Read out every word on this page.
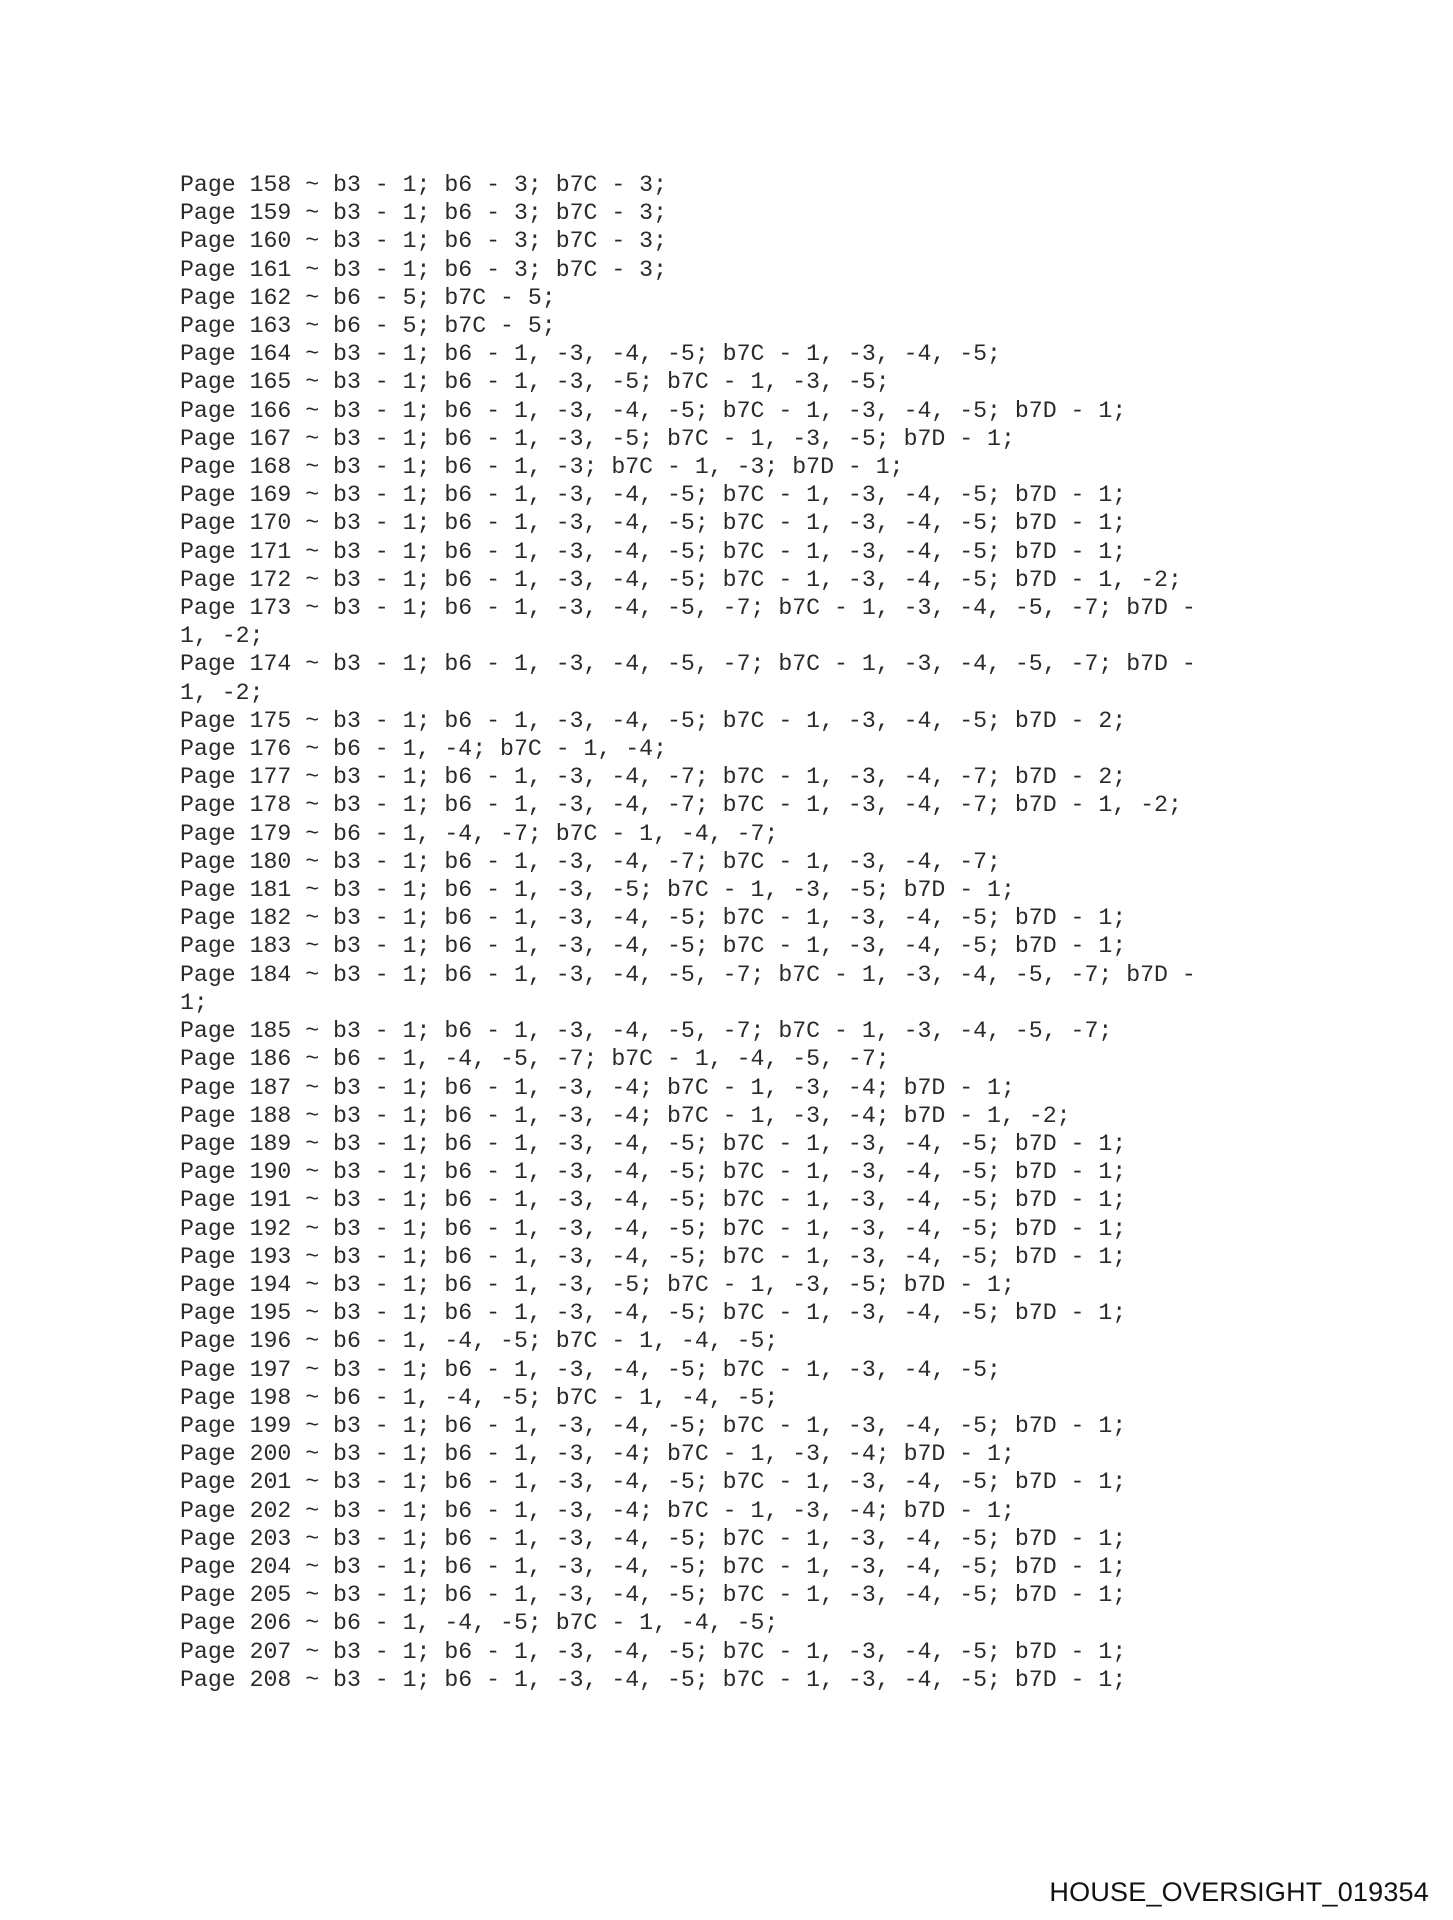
Page 158 ~ b3 - 1; b6 - 3; b7C - 3;
Page 159 ~ b3 - 1; b6 - 3; b7C - 3;
Page 160 ~ b3 - 1; b6 - 3; b7C - 3;
Page 161 ~ b3 - 1; b6 - 3; b7C - 3;
Page 162 ~ b6 - 5; b7C - 5;
Page 163 ~ b6 - 5; b7C - 5;
Page 164 ~ b3 - 1; b6 - 1, -3, -4, -5; b7C - 1, -3, -4, -5;
Page 165 ~ b3 - 1; b6 - 1, -3, -5; b7C - 1, -3, -5;
Page 166 ~ b3 - 1; b6 - 1, -3, -4, -5; b7C - 1, -3, -4, -5; b7D - 1;
Page 167 ~ b3 - 1; b6 - 1, -3, -5; b7C - 1, -3, -5; b7D - 1;
Page 168 ~ b3 - 1; b6 - 1, -3; b7C - 1, -3; b7D - 1;
Page 169 ~ b3 - 1; b6 - 1, -3, -4, -5; b7C - 1, -3, -4, -5; b7D - 1;
Page 170 ~ b3 - 1; b6 - 1, -3, -4, -5; b7C - 1, -3, -4, -5; b7D - 1;
Page 171 ~ b3 - 1; b6 - 1, -3, -4, -5; b7C - 1, -3, -4, -5; b7D - 1;
Page 172 ~ b3 - 1; b6 - 1, -3, -4, -5; b7C - 1, -3, -4, -5; b7D - 1, -2;
Page 173 ~ b3 - 1; b6 - 1, -3, -4, -5, -7; b7C - 1, -3, -4, -5, -7; b7D -
1, -2;
Page 174 ~ b3 - 1; b6 - 1, -3, -4, -5, -7; b7C - 1, -3, -4, -5, -7; b7D -
1, -2;
Page 175 ~ b3 - 1; b6 - 1, -3, -4, -5; b7C - 1, -3, -4, -5; b7D - 2;
Page 176 ~ b6 - 1, -4; b7C - 1, -4;
Page 177 ~ b3 - 1; b6 - 1, -3, -4, -7; b7C - 1, -3, -4, -7; b7D - 2;
Page 178 ~ b3 - 1; b6 - 1, -3, -4, -7; b7C - 1, -3, -4, -7; b7D - 1, -2;
Page 179 ~ b6 - 1, -4, -7; b7C - 1, -4, -7;
Page 180 ~ b3 - 1; b6 - 1, -3, -4, -7; b7C - 1, -3, -4, -7;
Page 181 ~ b3 - 1; b6 - 1, -3, -5; b7C - 1, -3, -5; b7D - 1;
Page 182 ~ b3 - 1; b6 - 1, -3, -4, -5; b7C - 1, -3, -4, -5; b7D - 1;
Page 183 ~ b3 - 1; b6 - 1, -3, -4, -5; b7C - 1, -3, -4, -5; b7D - 1;
Page 184 ~ b3 - 1; b6 - 1, -3, -4, -5, -7; b7C - 1, -3, -4, -5, -7; b7D -
1;
Page 185 ~ b3 - 1; b6 - 1, -3, -4, -5, -7; b7C - 1, -3, -4, -5, -7;
Page 186 ~ b6 - 1, -4, -5, -7; b7C - 1, -4, -5, -7;
Page 187 ~ b3 - 1; b6 - 1, -3, -4; b7C - 1, -3, -4; b7D - 1;
Page 188 ~ b3 - 1; b6 - 1, -3, -4; b7C - 1, -3, -4; b7D - 1, -2;
Page 189 ~ b3 - 1; b6 - 1, -3, -4, -5; b7C - 1, -3, -4, -5; b7D - 1;
Page 190 ~ b3 - 1; b6 - 1, -3, -4, -5; b7C - 1, -3, -4, -5; b7D - 1;
Page 191 ~ b3 - 1; b6 - 1, -3, -4, -5; b7C - 1, -3, -4, -5; b7D - 1;
Page 192 ~ b3 - 1; b6 - 1, -3, -4, -5; b7C - 1, -3, -4, -5; b7D - 1;
Page 193 ~ b3 - 1; b6 - 1, -3, -4, -5; b7C - 1, -3, -4, -5; b7D - 1;
Page 194 ~ b3 - 1; b6 - 1, -3, -5; b7C - 1, -3, -5; b7D - 1;
Page 195 ~ b3 - 1; b6 - 1, -3, -4, -5; b7C - 1, -3, -4, -5; b7D - 1;
Page 196 ~ b6 - 1, -4, -5; b7C - 1, -4, -5;
Page 197 ~ b3 - 1; b6 - 1, -3, -4, -5; b7C - 1, -3, -4, -5;
Page 198 ~ b6 - 1, -4, -5; b7C - 1, -4, -5;
Page 199 ~ b3 - 1; b6 - 1, -3, -4, -5; b7C - 1, -3, -4, -5; b7D - 1;
Page 200 ~ b3 - 1; b6 - 1, -3, -4; b7C - 1, -3, -4; b7D - 1;
Page 201 ~ b3 - 1; b6 - 1, -3, -4, -5; b7C - 1, -3, -4, -5; b7D - 1;
Page 202 ~ b3 - 1; b6 - 1, -3, -4; b7C - 1, -3, -4; b7D - 1;
Page 203 ~ b3 - 1; b6 - 1, -3, -4, -5; b7C - 1, -3, -4, -5; b7D - 1;
Page 204 ~ b3 - 1; b6 - 1, -3, -4, -5; b7C - 1, -3, -4, -5; b7D - 1;
Page 205 ~ b3 - 1; b6 - 1, -3, -4, -5; b7C - 1, -3, -4, -5; b7D - 1;
Page 206 ~ b6 - 1, -4, -5; b7C - 1, -4, -5;
Page 207 ~ b3 - 1; b6 - 1, -3, -4, -5; b7C - 1, -3, -4, -5; b7D - 1;
Page 208 ~ b3 - 1; b6 - 1, -3, -4, -5; b7C - 1, -3, -4, -5; b7D - 1;
HOUSE_OVERSIGHT_019354
